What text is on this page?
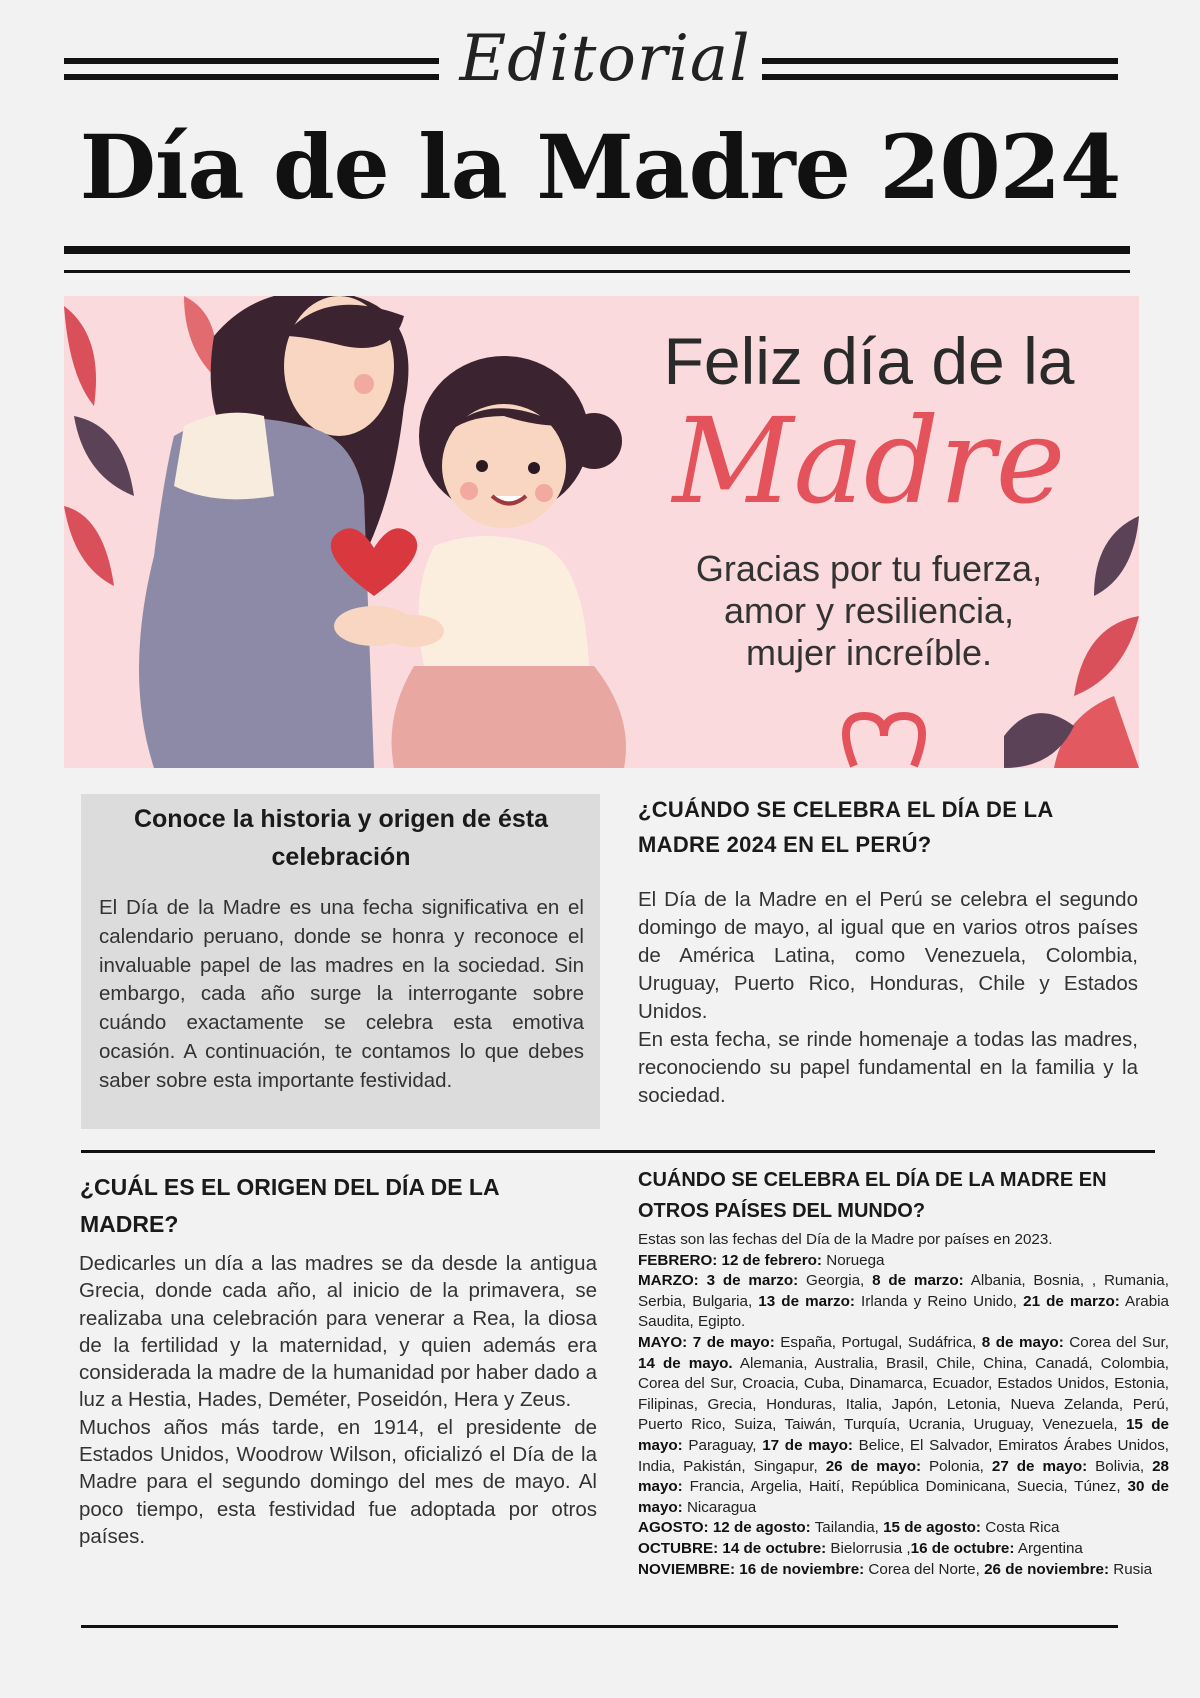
Editorial
Día de la Madre 2024
Feliz día de la
Madre
Gracias por tu fuerza,
amor y resiliencia,
mujer increíble.
Conoce la historia y origen de ésta celebración

El Día de la Madre es una fecha significativa en el calendario peruano, donde se honra y reconoce el invaluable papel de las madres en la sociedad. Sin embargo, cada año surge la interrogante sobre cuándo exactamente se celebra esta emotiva ocasión. A continuación, te contamos lo que debes saber sobre esta importante festividad.

¿CUÁNDO SE CELEBRA EL DÍA DE LA MADRE 2024 EN EL PERÚ?
El Día de la Madre en el Perú se celebra el segundo domingo de mayo, al igual que en varios otros países de América Latina, como Venezuela, Colombia, Uruguay, Puerto Rico, Honduras, Chile y Estados Unidos.
En esta fecha, se rinde homenaje a todas las madres, reconociendo su papel fundamental en la familia y la sociedad.
¿CUÁL ES EL ORIGEN DEL DÍA DE LA MADRE?
Dedicarles un día a las madres se da desde la antigua Grecia, donde cada año, al inicio de la primavera, se realizaba una celebración para venerar a Rea, la diosa de la fertilidad y la maternidad, y quien además era considerada la madre de la humanidad por haber dado a luz a Hestia, Hades, Deméter, Poseidón, Hera y Zeus.
Muchos años más tarde, en 1914, el presidente de Estados Unidos, Woodrow Wilson, oficializó el Día de la Madre para el segundo domingo del mes de mayo. Al poco tiempo, esta festividad fue adoptada por otros países.
CUÁNDO SE CELEBRA EL DÍA DE LA MADRE EN OTROS PAÍSES DEL MUNDO?

Estas son las fechas del Día de la Madre por países en 2023.

FEBRERO: 12 de febrero: Noruega

MARZO: 3 de marzo: Georgia, 8 de marzo: Albania, Bosnia, , Rumania, Serbia, Bulgaria, 13 de marzo: Irlanda y Reino Unido, 21 de marzo: Arabia Saudita, Egipto.

MAYO: 7 de mayo: España, Portugal, Sudáfrica, 8 de mayo: Corea del Sur, 14 de mayo. Alemania, Australia, Brasil, Chile, China, Canadá, Colombia, Corea del Sur, Croacia, Cuba, Dinamarca, Ecuador, Estados Unidos, Estonia, Filipinas, Grecia, Honduras, Italia, Japón, Letonia, Nueva Zelanda, Perú, Puerto Rico, Suiza, Taiwán, Turquía, Ucrania, Uruguay, Venezuela, 15 de mayo: Paraguay, 17 de mayo: Belice, El Salvador, Emiratos Árabes Unidos, India, Pakistán, Singapur, 26 de mayo: Polonia, 27 de mayo: Bolivia, 28 mayo: Francia, Argelia, Haití, República Dominicana, Suecia, Túnez, 30 de mayo: Nicaragua

AGOSTO: 12 de agosto: Tailandia, 15 de agosto: Costa Rica

OCTUBRE: 14 de octubre: Bielorrusia ,16 de octubre: Argentina

NOVIEMBRE: 16 de noviembre: Corea del Norte, 26 de noviembre: Rusia
